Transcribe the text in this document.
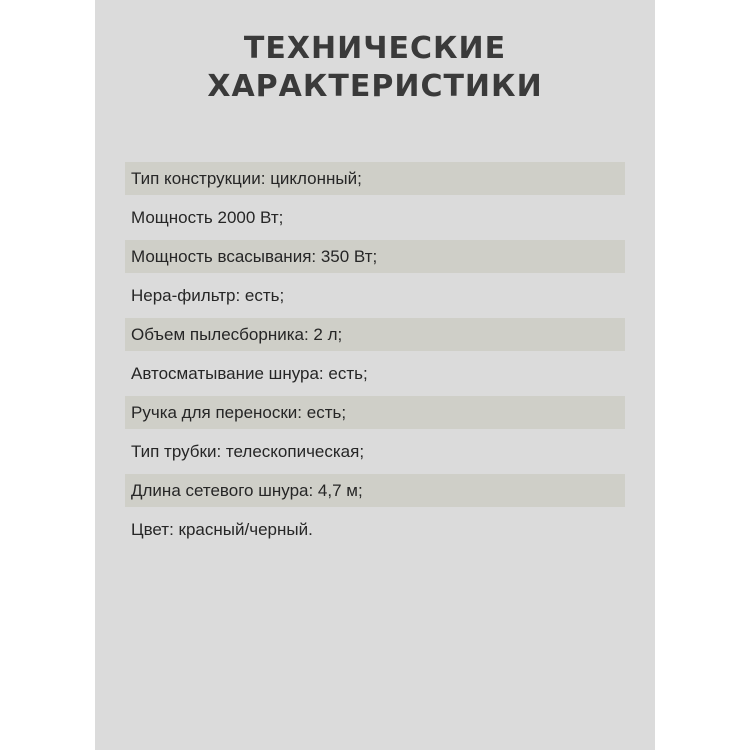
ТЕХНИЧЕСКИЕ
ХАРАКТЕРИСТИКИ
Тип конструкции: циклонный;
Мощность 2000 Вт;
Мощность всасывания: 350 Вт;
Нера-фильтр: есть;
Объем пылесборника: 2 л;
Автосматывание шнура: есть;
Ручка для переноски: есть;
Тип трубки: телескопическая;
Длина сетевого шнура: 4,7 м;
Цвет: красный/черный.
